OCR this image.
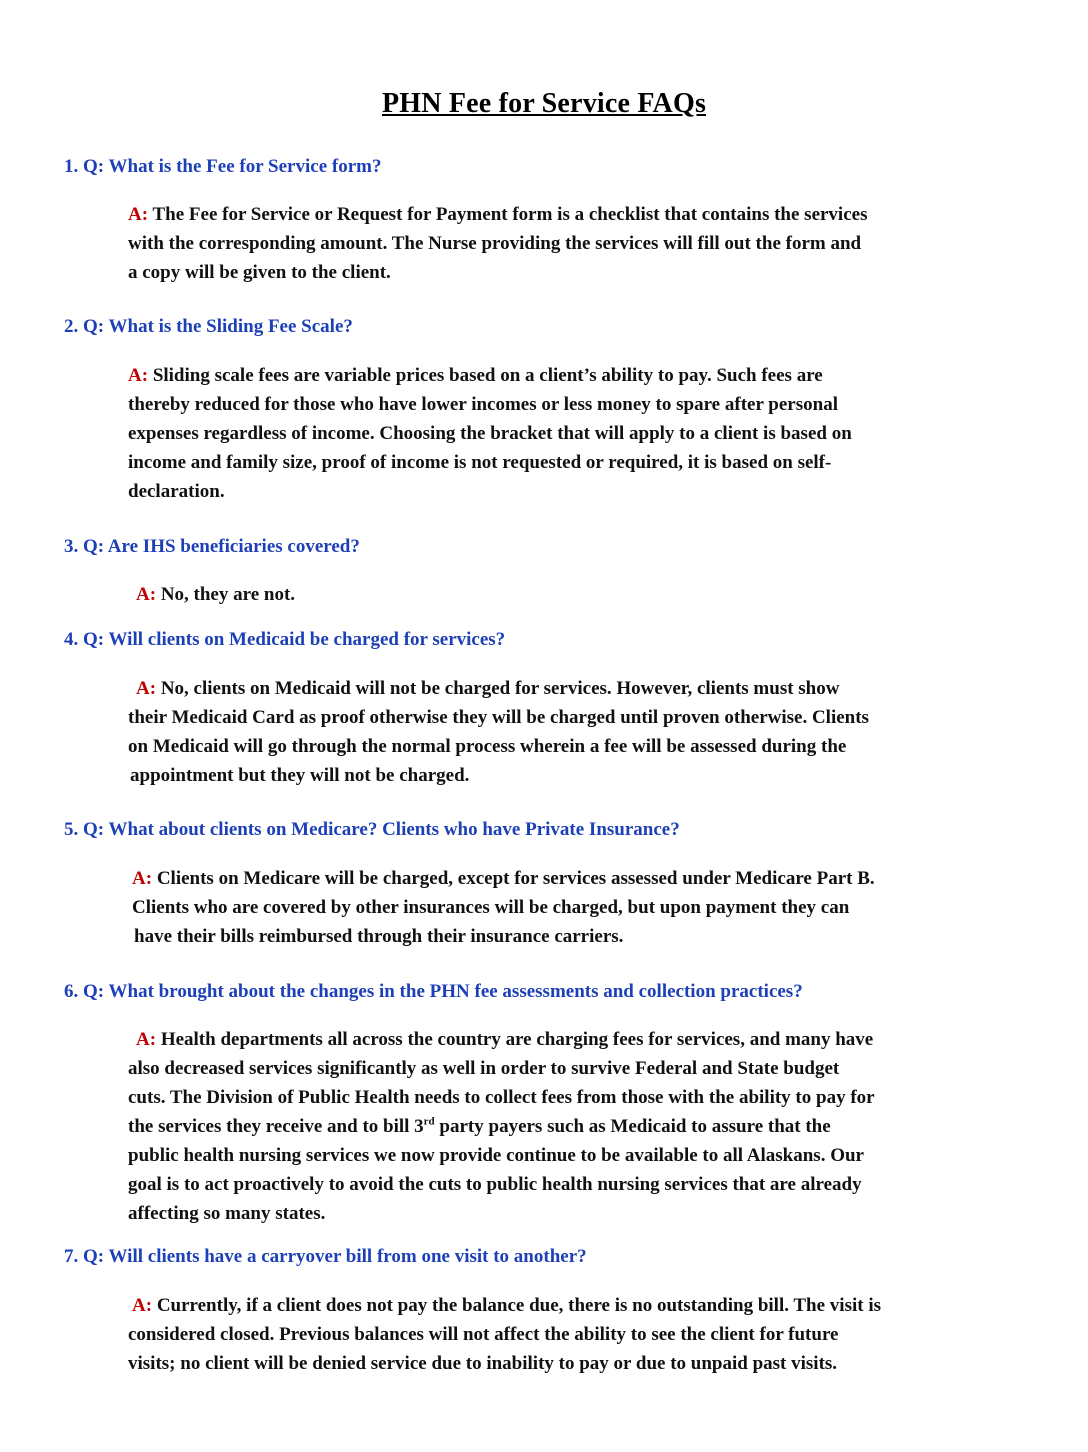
PHN Fee for Service FAQs
1. Q: What is the Fee for Service form?
A: The Fee for Service or Request for Payment form is a checklist that contains the services
with the corresponding amount. The Nurse providing the services will fill out the form and
a copy will be given to the client.
2. Q: What is the Sliding Fee Scale?
A: Sliding scale fees are variable prices based on a client’s ability to pay. Such fees are
thereby reduced for those who have lower incomes or less money to spare after personal
expenses regardless of income. Choosing the bracket that will apply to a client is based on
income and family size, proof of income is not requested or required, it is based on self-
declaration.
3. Q: Are IHS beneficiaries covered?
A: No, they are not.
4. Q: Will clients on Medicaid be charged for services?
A: No, clients on Medicaid will not be charged for services. However, clients must show
their Medicaid Card as proof otherwise they will be charged until proven otherwise. Clients
on Medicaid will go through the normal process wherein a fee will be assessed during the
appointment but they will not be charged.
5. Q: What about clients on Medicare? Clients who have Private Insurance?
A: Clients on Medicare will be charged, except for services assessed under Medicare Part B.
Clients who are covered by other insurances will be charged, but upon payment they can
have their bills reimbursed through their insurance carriers.
6. Q: What brought about the changes in the PHN fee assessments and collection practices?
A: Health departments all across the country are charging fees for services, and many have
also decreased services significantly as well in order to survive Federal and State budget
cuts. The Division of Public Health needs to collect fees from those with the ability to pay for
the services they receive and to bill 3rd party payers such as Medicaid to assure that the
public health nursing services we now provide continue to be available to all Alaskans. Our
goal is to act proactively to avoid the cuts to public health nursing services that are already
affecting so many states.
7. Q: Will clients have a carryover bill from one visit to another?
A: Currently, if a client does not pay the balance due, there is no outstanding bill. The visit is
considered closed. Previous balances will not affect the ability to see the client for future
visits; no client will be denied service due to inability to pay or due to unpaid past visits.
